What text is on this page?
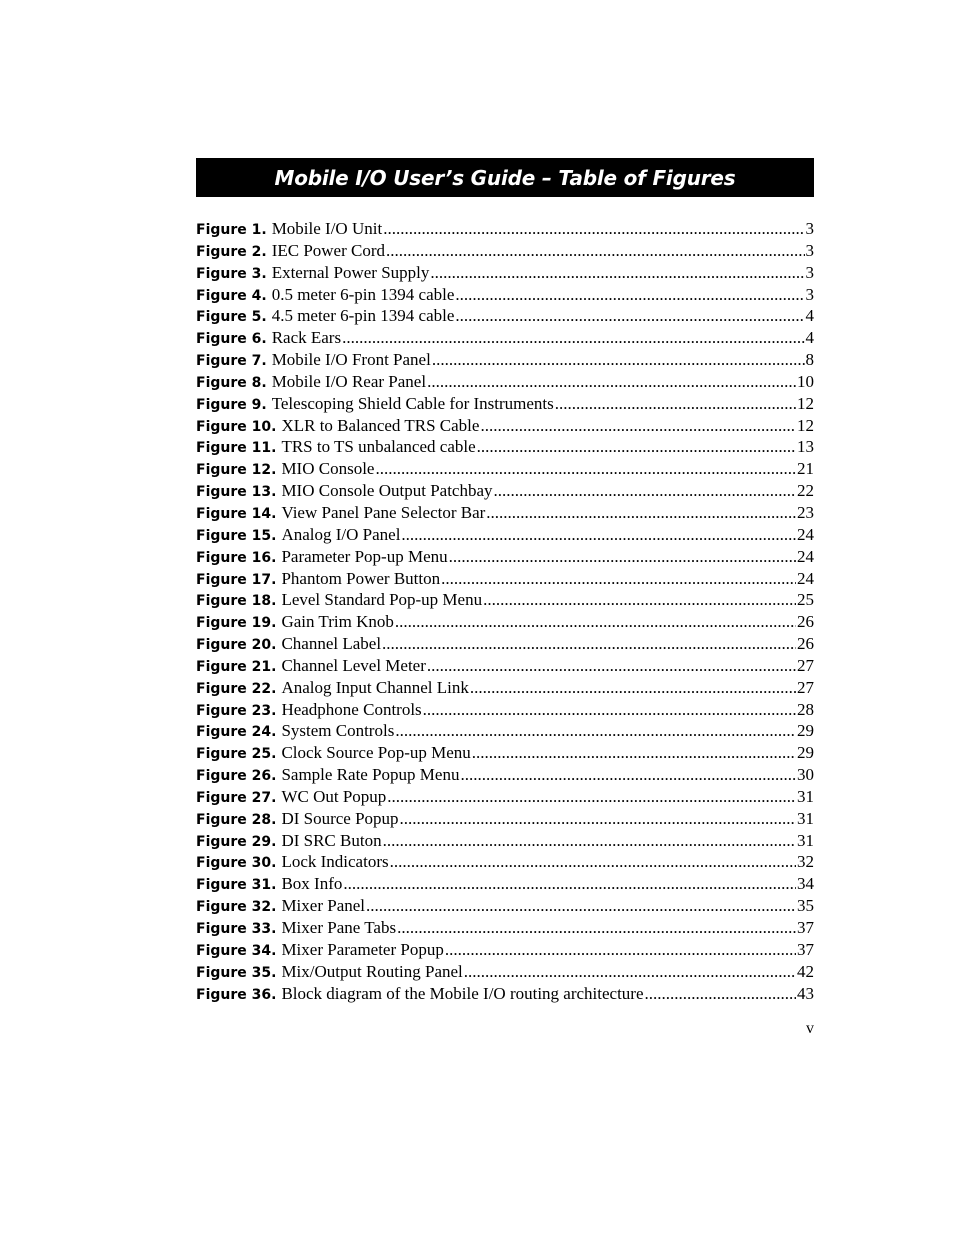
Mobile I/O User’s Guide – Table of Figures
Figure 1. Mobile I/O Unit .....	3
Figure 2. IEC Power Cord .....	3
Figure 3. External Power Supply .....	3
Figure 4. 0.5 meter 6-pin 1394 cable .....	3
Figure 5. 4.5 meter 6-pin 1394 cable .....	4
Figure 6. Rack Ears .....	4
Figure 7. Mobile I/O Front Panel .....	8
Figure 8. Mobile I/O Rear Panel .....	10
Figure 9. Telescoping Shield Cable for Instruments .....	12
Figure 10. XLR to Balanced TRS Cable .....	12
Figure 11. TRS to TS unbalanced cable .....	13
Figure 12. MIO Console .....	21
Figure 13. MIO Console Output Patchbay .....	22
Figure 14. View Panel Pane Selector Bar .....	23
Figure 15. Analog I/O Panel .....	24
Figure 16. Parameter Pop-up Menu .....	24
Figure 17. Phantom Power Button .....	24
Figure 18. Level Standard Pop-up Menu .....	25
Figure 19. Gain Trim Knob .....	26
Figure 20. Channel Label .....	26
Figure 21. Channel Level Meter .....	27
Figure 22. Analog Input Channel Link .....	27
Figure 23. Headphone Controls .....	28
Figure 24. System Controls .....	29
Figure 25. Clock Source Pop-up Menu .....	29
Figure 26. Sample Rate Popup Menu .....	30
Figure 27. WC Out Popup .....	31
Figure 28. DI Source Popup .....	31
Figure 29. DI SRC Buton .....	31
Figure 30. Lock Indicators .....	32
Figure 31. Box Info .....	34
Figure 32. Mixer Panel .....	35
Figure 33. Mixer Pane Tabs .....	37
Figure 34. Mixer Parameter Popup .....	37
Figure 35. Mix/Output Routing Panel .....	42
Figure 36. Block diagram of the Mobile I/O routing architecture .....	43
v
